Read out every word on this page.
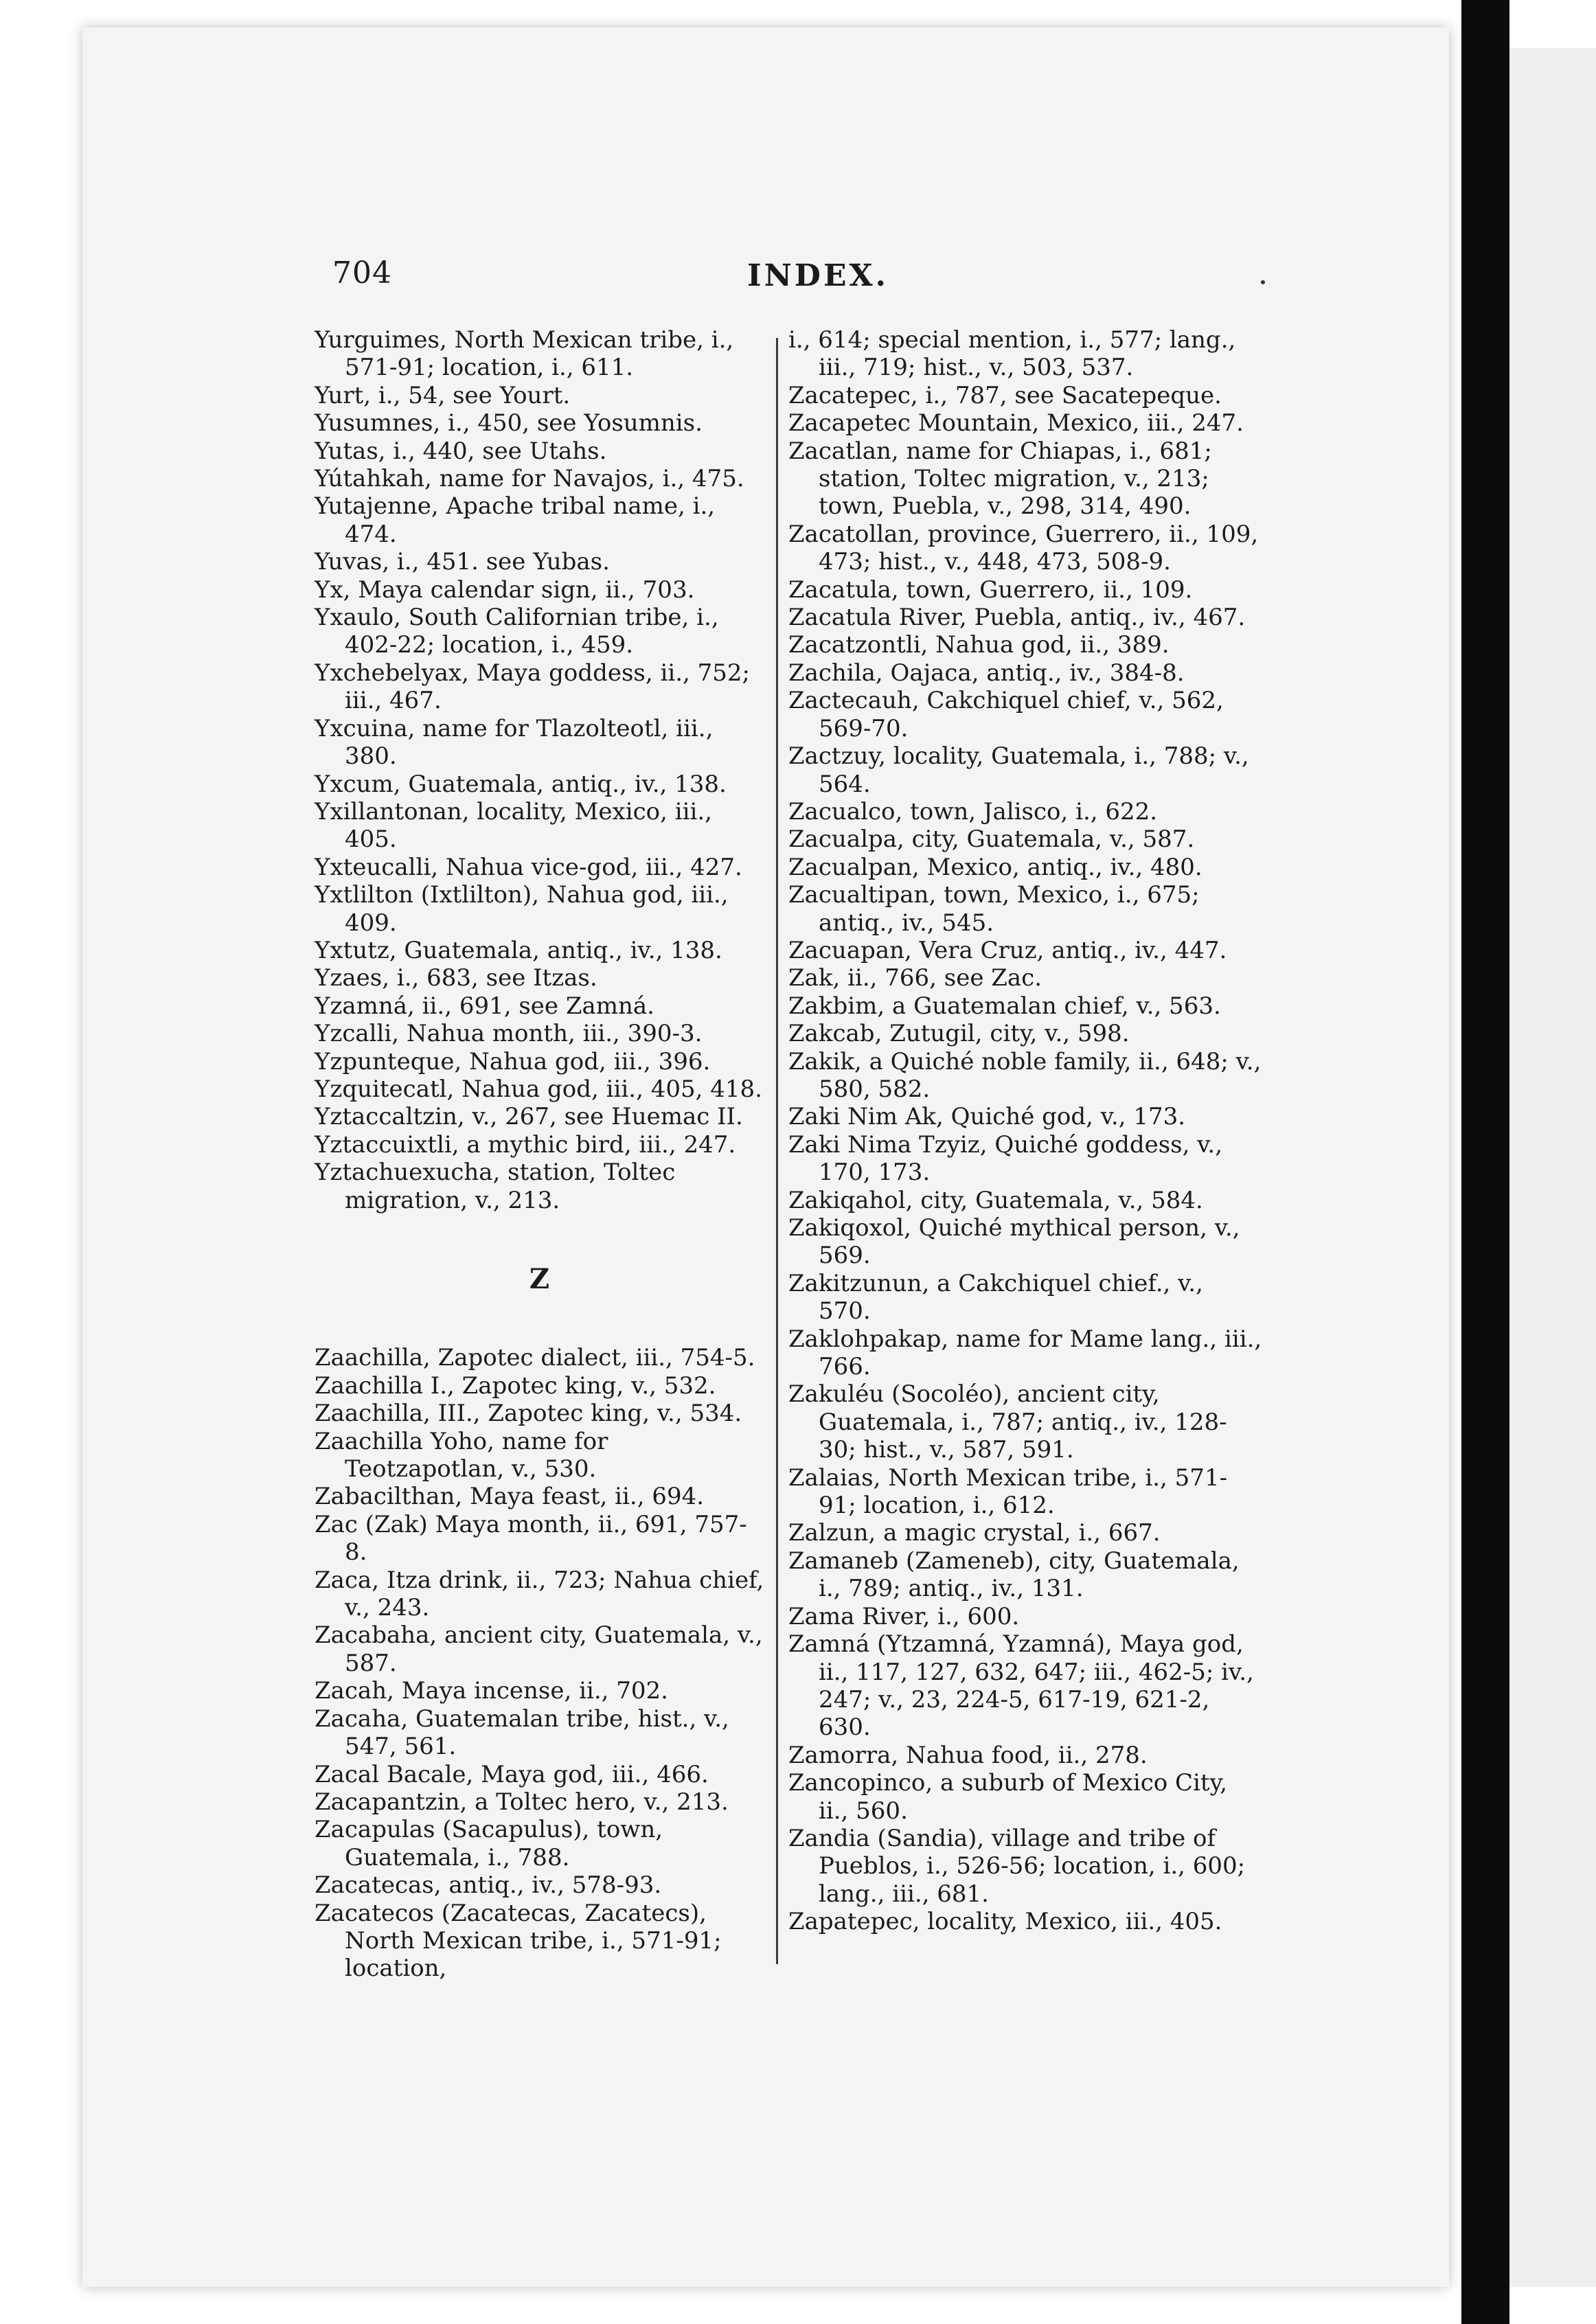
704	INDEX.
Yurguimes, North Mexican tribe, i., 571-91; location, i., 611.
Yurt, i., 54, see Yourt.
Yusumnes, i., 450, see Yosumnis.
Yutas, i., 440, see Utahs.
Yútahkah, name for Navajos, i., 475.
Yutajenne, Apache tribal name, i., 474.
Yuvas, i., 451. see Yubas.
Yx, Maya calendar sign, ii., 703.
Yxaulo, South Californian tribe, i., 402-22; location, i., 459.
Yxchebelyax, Maya goddess, ii., 752; iii., 467.
Yxcuina, name for Tlazolteotl, iii., 380.
Yxcum, Guatemala, antiq., iv., 138.
Yxillantonan, locality, Mexico, iii., 405.
Yxteucalli, Nahua vice-god, iii., 427.
Yxtlilton (Ixtlilton), Nahua god, iii., 409.
Yxtutz, Guatemala, antiq., iv., 138.
Yzaes, i., 683, see Itzas.
Yzamná, ii., 691, see Zamná.
Yzcalli, Nahua month, iii., 390-3.
Yzpunteque, Nahua god, iii., 396.
Yzquitecatl, Nahua god, iii., 405, 418.
Yztaccaltzin, v., 267, see Huemac II.
Yztaccuixtli, a mythic bird, iii., 247.
Yztachuexucha, station, Toltec migration, v., 213.
Z
Zaachilla, Zapotec dialect, iii., 754-5.
Zaachilla I., Zapotec king, v., 532.
Zaachilla, III., Zapotec king, v., 534.
Zaachilla Yoho, name for Teotzapotlan, v., 530.
Zabacilthan, Maya feast, ii., 694.
Zac (Zak) Maya month, ii., 691, 757-8.
Zaca, Itza drink, ii., 723; Nahua chief, v., 243.
Zacabaha, ancient city, Guatemala, v., 587.
Zacah, Maya incense, ii., 702.
Zacaha, Guatemalan tribe, hist., v., 547, 561.
Zacal Bacale, Maya god, iii., 466.
Zacapantzin, a Toltec hero, v., 213.
Zacapulas (Sacapulus), town, Guatemala, i., 788.
Zacatecas, antiq., iv., 578-93.
Zacatecos (Zacatecas, Zacatecs), North Mexican tribe, i., 571-91; location,
i., 614; special mention, i., 577; lang., iii., 719; hist., v., 503, 537.
Zacatepec, i., 787, see Sacatepeque.
Zacapetec Mountain, Mexico, iii., 247.
Zacatlan, name for Chiapas, i., 681; station, Toltec migration, v., 213; town, Puebla, v., 298, 314, 490.
Zacatollan, province, Guerrero, ii., 109, 473; hist., v., 448, 473, 508-9.
Zacatula, town, Guerrero, ii., 109.
Zacatula River, Puebla, antiq., iv., 467.
Zacatzontli, Nahua god, ii., 389.
Zachila, Oajaca, antiq., iv., 384-8.
Zactecauh, Cakchiquel chief, v., 562, 569-70.
Zactzuy, locality, Guatemala, i., 788; v., 564.
Zacualco, town, Jalisco, i., 622.
Zacualpa, city, Guatemala, v., 587.
Zacualpan, Mexico, antiq., iv., 480.
Zacualtipan, town, Mexico, i., 675; antiq., iv., 545.
Zacuapan, Vera Cruz, antiq., iv., 447.
Zak, ii., 766, see Zac.
Zakbim, a Guatemalan chief, v., 563.
Zakcab, Zutugil, city, v., 598.
Zakik, a Quiché noble family, ii., 648; v., 580, 582.
Zaki Nim Ak, Quiché god, v., 173.
Zaki Nima Tzyiz, Quiché goddess, v., 170, 173.
Zakiqahol, city, Guatemala, v., 584.
Zakiqoxol, Quiché mythical person, v., 569.
Zakitzunun, a Cakchiquel chief., v., 570.
Zaklohpakap, name for Mame lang., iii., 766.
Zakuléu (Socoléo), ancient city, Guatemala, i., 787; antiq., iv., 128-30; hist., v., 587, 591.
Zalaias, North Mexican tribe, i., 571-91; location, i., 612.
Zalzun, a magic crystal, i., 667.
Zamaneb (Zameneb), city, Guatemala, i., 789; antiq., iv., 131.
Zama River, i., 600.
Zamná (Ytzamná, Yzamná), Maya god, ii., 117, 127, 632, 647; iii., 462-5; iv., 247; v., 23, 224-5, 617-19, 621-2, 630.
Zamorra, Nahua food, ii., 278.
Zancopinco, a suburb of Mexico City, ii., 560.
Zandia (Sandia), village and tribe of Pueblos, i., 526-56; location, i., 600; lang., iii., 681.
Zapatepec, locality, Mexico, iii., 405.
